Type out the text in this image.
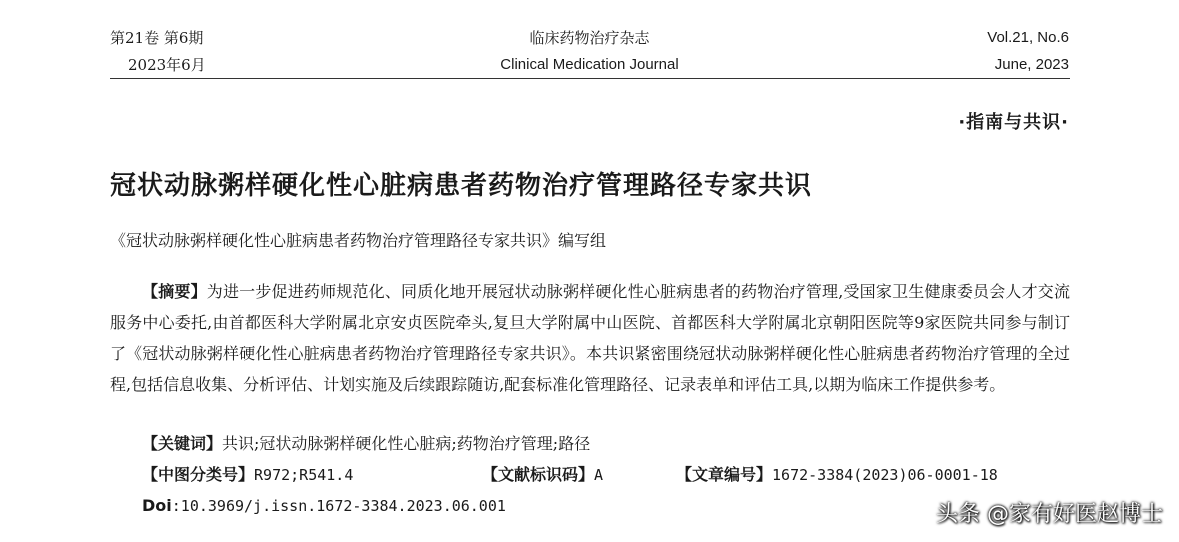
第21卷 第6期
2023年6月
临床药物治疗杂志
Clinical Medication Journal
Vol.21, No.6
June, 2023
·指南与共识·
冠状动脉粥样硬化性心脏病患者药物治疗管理路径专家共识
《冠状动脉粥样硬化性心脏病患者药物治疗管理路径专家共识》编写组
【摘要】为进一步促进药师规范化、同质化地开展冠状动脉粥样硬化性心脏病患者的药物治疗管理,受国家卫生健康委员会人才交流服务中心委托,由首都医科大学附属北京安贞医院牵头,复旦大学附属中山医院、首都医科大学附属北京朝阳医院等9家医院共同参与制订了《冠状动脉粥样硬化性心脏病患者药物治疗管理路径专家共识》。本共识紧密围绕冠状动脉粥样硬化性心脏病患者药物治疗管理的全过程,包括信息收集、分析评估、计划实施及后续跟踪随访,配套标准化管理路径、记录表单和评估工具,以期为临床工作提供参考。
【关键词】共识;冠状动脉粥样硬化性心脏病;药物治疗管理;路径
【中图分类号】R972;R541.4	【文献标识码】A	【文章编号】1672-3384(2023)06-0001-18
Doi:10.3969/j.issn.1672-3384.2023.06.001	头条 @家有好医赵博士
